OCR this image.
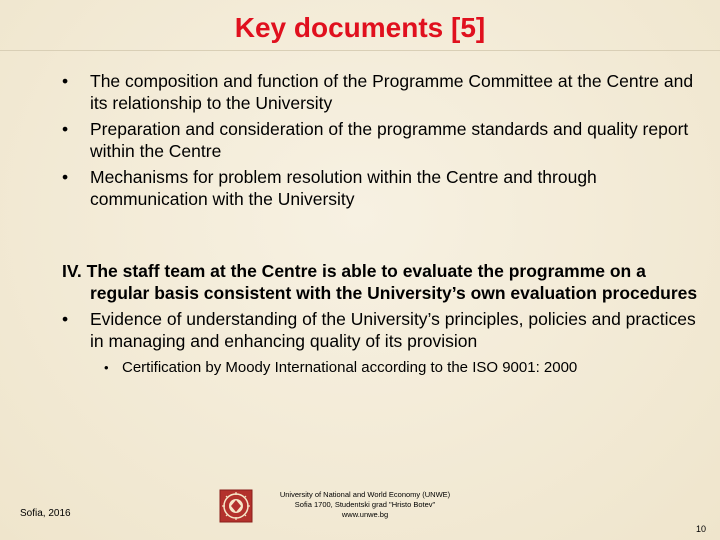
Key documents [5]
•	The composition and function of the Programme Committee at the Centre and its relationship to the University
•	Preparation and consideration of the programme standards and quality report within the Centre
•	Mechanisms for problem resolution within the Centre and through communication with the University
IV. The staff team at the Centre is able to evaluate the programme on a regular basis consistent with the University’s own evaluation procedures
•	Evidence of understanding of the University’s principles, policies and practices in managing and enhancing quality of its provision
• Certification by Moody International according to the ISO 9001: 2000
Sofia, 2016
University of National and World Economy (UNWE)
Sofia 1700, Studentski grad "Hristo Botev"
www.unwe.bg
10
